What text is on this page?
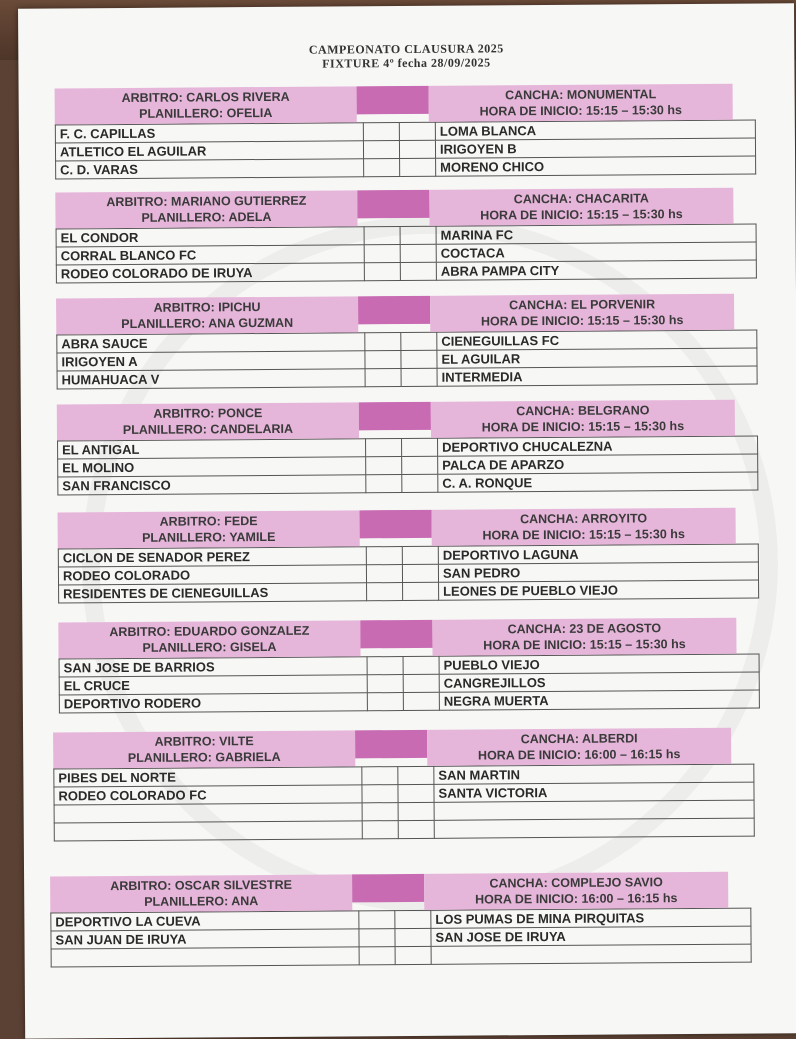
CAMPEONATO CLAUSURA 2025
FIXTURE 4º fecha 28/09/2025
ARBITRO: CARLOS RIVERA
PLANILLERO: OFELIA
CANCHA: MONUMENTAL
HORA DE INICIO: 15:15 – 15:30 hs
F. C. CAPILLAS			LOMA BLANCA
ATLETICO EL AGUILAR			IRIGOYEN B
C. D. VARAS			MORENO CHICO
ARBITRO: MARIANO GUTIERREZ
PLANILLERO: ADELA
CANCHA: CHACARITA
HORA DE INICIO: 15:15 – 15:30 hs
EL CONDOR			MARINA FC
CORRAL BLANCO FC			COCTACA
RODEO COLORADO DE IRUYA			ABRA PAMPA CITY
ARBITRO: IPICHU
PLANILLERO: ANA GUZMAN
CANCHA: EL PORVENIR
HORA DE INICIO: 15:15 – 15:30 hs
ABRA SAUCE			CIENEGUILLAS FC
IRIGOYEN A			EL AGUILAR
HUMAHUACA V			INTERMEDIA
ARBITRO: PONCE
PLANILLERO: CANDELARIA
CANCHA: BELGRANO
HORA DE INICIO: 15:15 – 15:30 hs
EL ANTIGAL			DEPORTIVO CHUCALEZNA
EL MOLINO			PALCA DE APARZO
SAN FRANCISCO			C. A. RONQUE
ARBITRO: FEDE
PLANILLERO: YAMILE
CANCHA: ARROYITO
HORA DE INICIO: 15:15 – 15:30 hs
CICLON DE SENADOR PEREZ			DEPORTIVO LAGUNA
RODEO COLORADO			SAN PEDRO
RESIDENTES DE CIENEGUILLAS			LEONES DE PUEBLO VIEJO
ARBITRO: EDUARDO GONZALEZ
PLANILLERO: GISELA
CANCHA: 23 DE AGOSTO
HORA DE INICIO: 15:15 – 15:30 hs
SAN JOSE DE BARRIOS			PUEBLO VIEJO
EL CRUCE			CANGREJILLOS
DEPORTIVO RODERO			NEGRA MUERTA
ARBITRO: VILTE
PLANILLERO: GABRIELA
CANCHA: ALBERDI
HORA DE INICIO: 16:00 – 16:15 hs
PIBES DEL NORTE			SAN MARTIN
RODEO COLORADO FC			SANTA VICTORIA

ARBITRO: OSCAR SILVESTRE
PLANILLERO: ANA
CANCHA: COMPLEJO SAVIO
HORA DE INICIO: 16:00 – 16:15 hs
DEPORTIVO LA CUEVA			LOS PUMAS DE MINA PIRQUITAS
SAN JUAN DE IRUYA			SAN JOSE DE IRUYA
